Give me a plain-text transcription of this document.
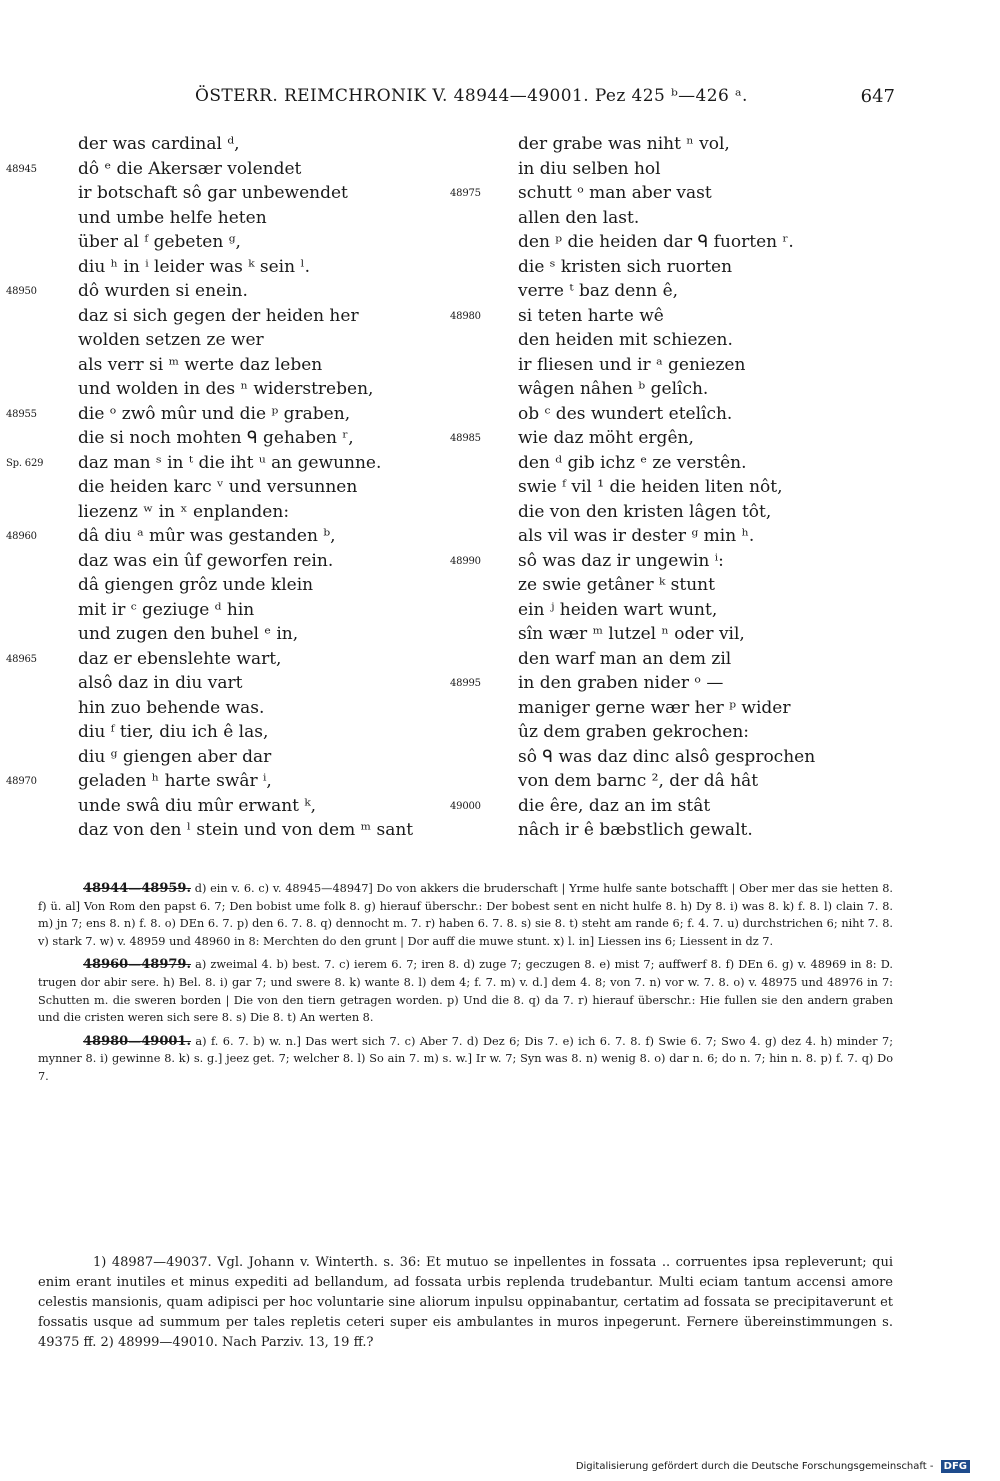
ÖSTERR. REIMCHRONIK V. 48944—49001. Pez 425 ᵇ—426 ᵃ.	647
der was cardinal ᵈ,
48945 dô ᵉ die Akersær volendet
ir botschaft sô gar unbewendet
und umbe helfe heten
über al ᶠ gebeten ᵍ,
diu ʰ in ⁱ leider was ᵏ sein ˡ.
48950 dô wurden si enein.
daz si sich gegen der heiden her
wolden setzen ze wer
als verr si ᵐ werte daz leben
und wolden in des ⁿ widerstreben,
48955 die ᵒ zwô mûr und die ᵖ graben,
die si noch mohten ᑫ gehaben ʳ,
Sp. 629 daz man ˢ in ᵗ die iht ᵘ an gewunne.
die heiden karc ᵛ und versunnen
liezenz ʷ in ˣ enplanden:
48960 dâ diu ᵃ mûr was gestanden ᵇ,
daz was ein ûf geworfen rein.
dâ giengen grôz unde klein
mit ir ᶜ geziuge ᵈ hin
und zugen den buhel ᵉ in,
48965 daz er ebenslehte wart,
alsô daz in diu vart
hin zuo behende was.
diu ᶠ tier, diu ich ê las,
diu ᵍ giengen aber dar
48970 geladen ʰ harte swâr ⁱ,
unde swâ diu mûr erwant ᵏ,
daz von den ˡ stein und von dem ᵐ sant
der grabe was niht ⁿ vol,
in diu selben hol
48975 schutt ᵒ man aber vast
allen den last.
den ᵖ die heiden dar ᑫ fuorten ʳ.
die ˢ kristen sich ruorten
verre ᵗ baz denn ê,
48980 si teten harte wê
den heiden mit schiezen.
ir fliesen und ir ᵃ geniezen
wâgen nâhen ᵇ gelîch.
ob ᶜ des wundert etelîch.
48985 wie daz möht ergên,
den ᵈ gib ichz ᵉ ze verstên.
swie ᶠ vil ¹ die heiden liten nôt,
die von den kristen lâgen tôt,
als vil was ir dester ᵍ min ʰ.
48990 sô was daz ir ungewin ⁱ:
ze swie getâner ᵏ stunt
ein ʲ heiden wart wunt,
sîn wær ᵐ lutzel ⁿ oder vil,
den warf man an dem zil
48995 in den graben nider ᵒ —
maniger gerne wær her ᵖ wider
ûz dem graben gekrochen:
sô ᑫ was daz dinc alsô gesprochen
von dem barnc ², der dâ hât
49000 die êre, daz an im stât
nâch ir ê bæbstlich gewalt.

48944—48959. d) ein v. 6. c) v. 48945—48947] Do von akkers die bruderschaft | Yrme hulfe sante botschafft | Ober mer das sie hetten 8. f) ü. al] Von Rom den papst 6. 7; Den bobist ume folk 8. g) hierauf überschr.: Der bobest sent en nicht hulfe 8. h) Dy 8. i) was 8. k) f. 8. l) clain 7. 8. m) jn 7; ens 8. n) f. 8. o) DEn 6. 7. p) den 6. 7. 8. q) dennocht m. 7. r) haben 6. 7. 8. s) sie 8. t) steht am rande 6; f. 4. 7. u) durchstrichen 6; niht 7. 8. v) stark 7. w) v. 48959 und 48960 in 8: Merchten do den grunt | Dor auff die muwe stunt. x) l. in] Liessen ins 6; Liessent in dz 7.

48960—48979. a) zweimal 4. b) best. 7. c) ierem 6. 7; iren 8. d) zuge 7; geczugen 8. e) mist 7; auffwerf 8. f) DEn 6. g) v. 48969 in 8: D. trugen dor abir sere. h) Bel. 8. i) gar 7; und swere 8. k) wante 8. l) dem 4; f. 7. m) v. d.] dem 4. 8; von 7. n) vor w. 7. 8. o) v. 48975 und 48976 in 7: Schutten m. die sweren borden | Die von den tiern getragen worden. p) Und die 8. q) da 7. r) hierauf überschr.: Hie fullen sie den andern graben und die cristen weren sich sere 8. s) Die 8. t) An werten 8.

48980—49001. a) f. 6. 7. b) w. n.] Das wert sich 7. c) Aber 7. d) Dez 6; Dis 7. e) ich 6. 7. 8. f) Swie 6. 7; Swo 4. g) dez 4. h) minder 7; mynner 8. i) gewinne 8. k) s. g.] jeez get. 7; welcher 8. l) So ain 7. m) s. w.] Ir w. 7; Syn was 8. n) wenig 8. o) dar n. 6; do n. 7; hin n. 8. p) f. 7. q) Do 7.

1) 48987—49037. Vgl. Johann v. Winterth. s. 36: Et mutuo se inpellentes in fossata .. corruentes ipsa repleverunt; qui enim erant inutiles et minus expediti ad bellandum, ad fossata urbis replenda trudebantur. Multi eciam tantum accensi amore celestis mansionis, quam adipisci per hoc voluntarie sine aliorum inpulsu oppinabantur, certatim ad fossata se precipitaverunt et fossatis usque ad summum per tales repletis ceteri super eis ambulantes in muros inpegerunt. Fernere übereinstimmungen s. 49375 ff. 2) 48999—49010. Nach Parziv. 13, 19 ff.?
Digitalisierung gefördert durch die Deutsche Forschungsgemeinschaft - DFG
